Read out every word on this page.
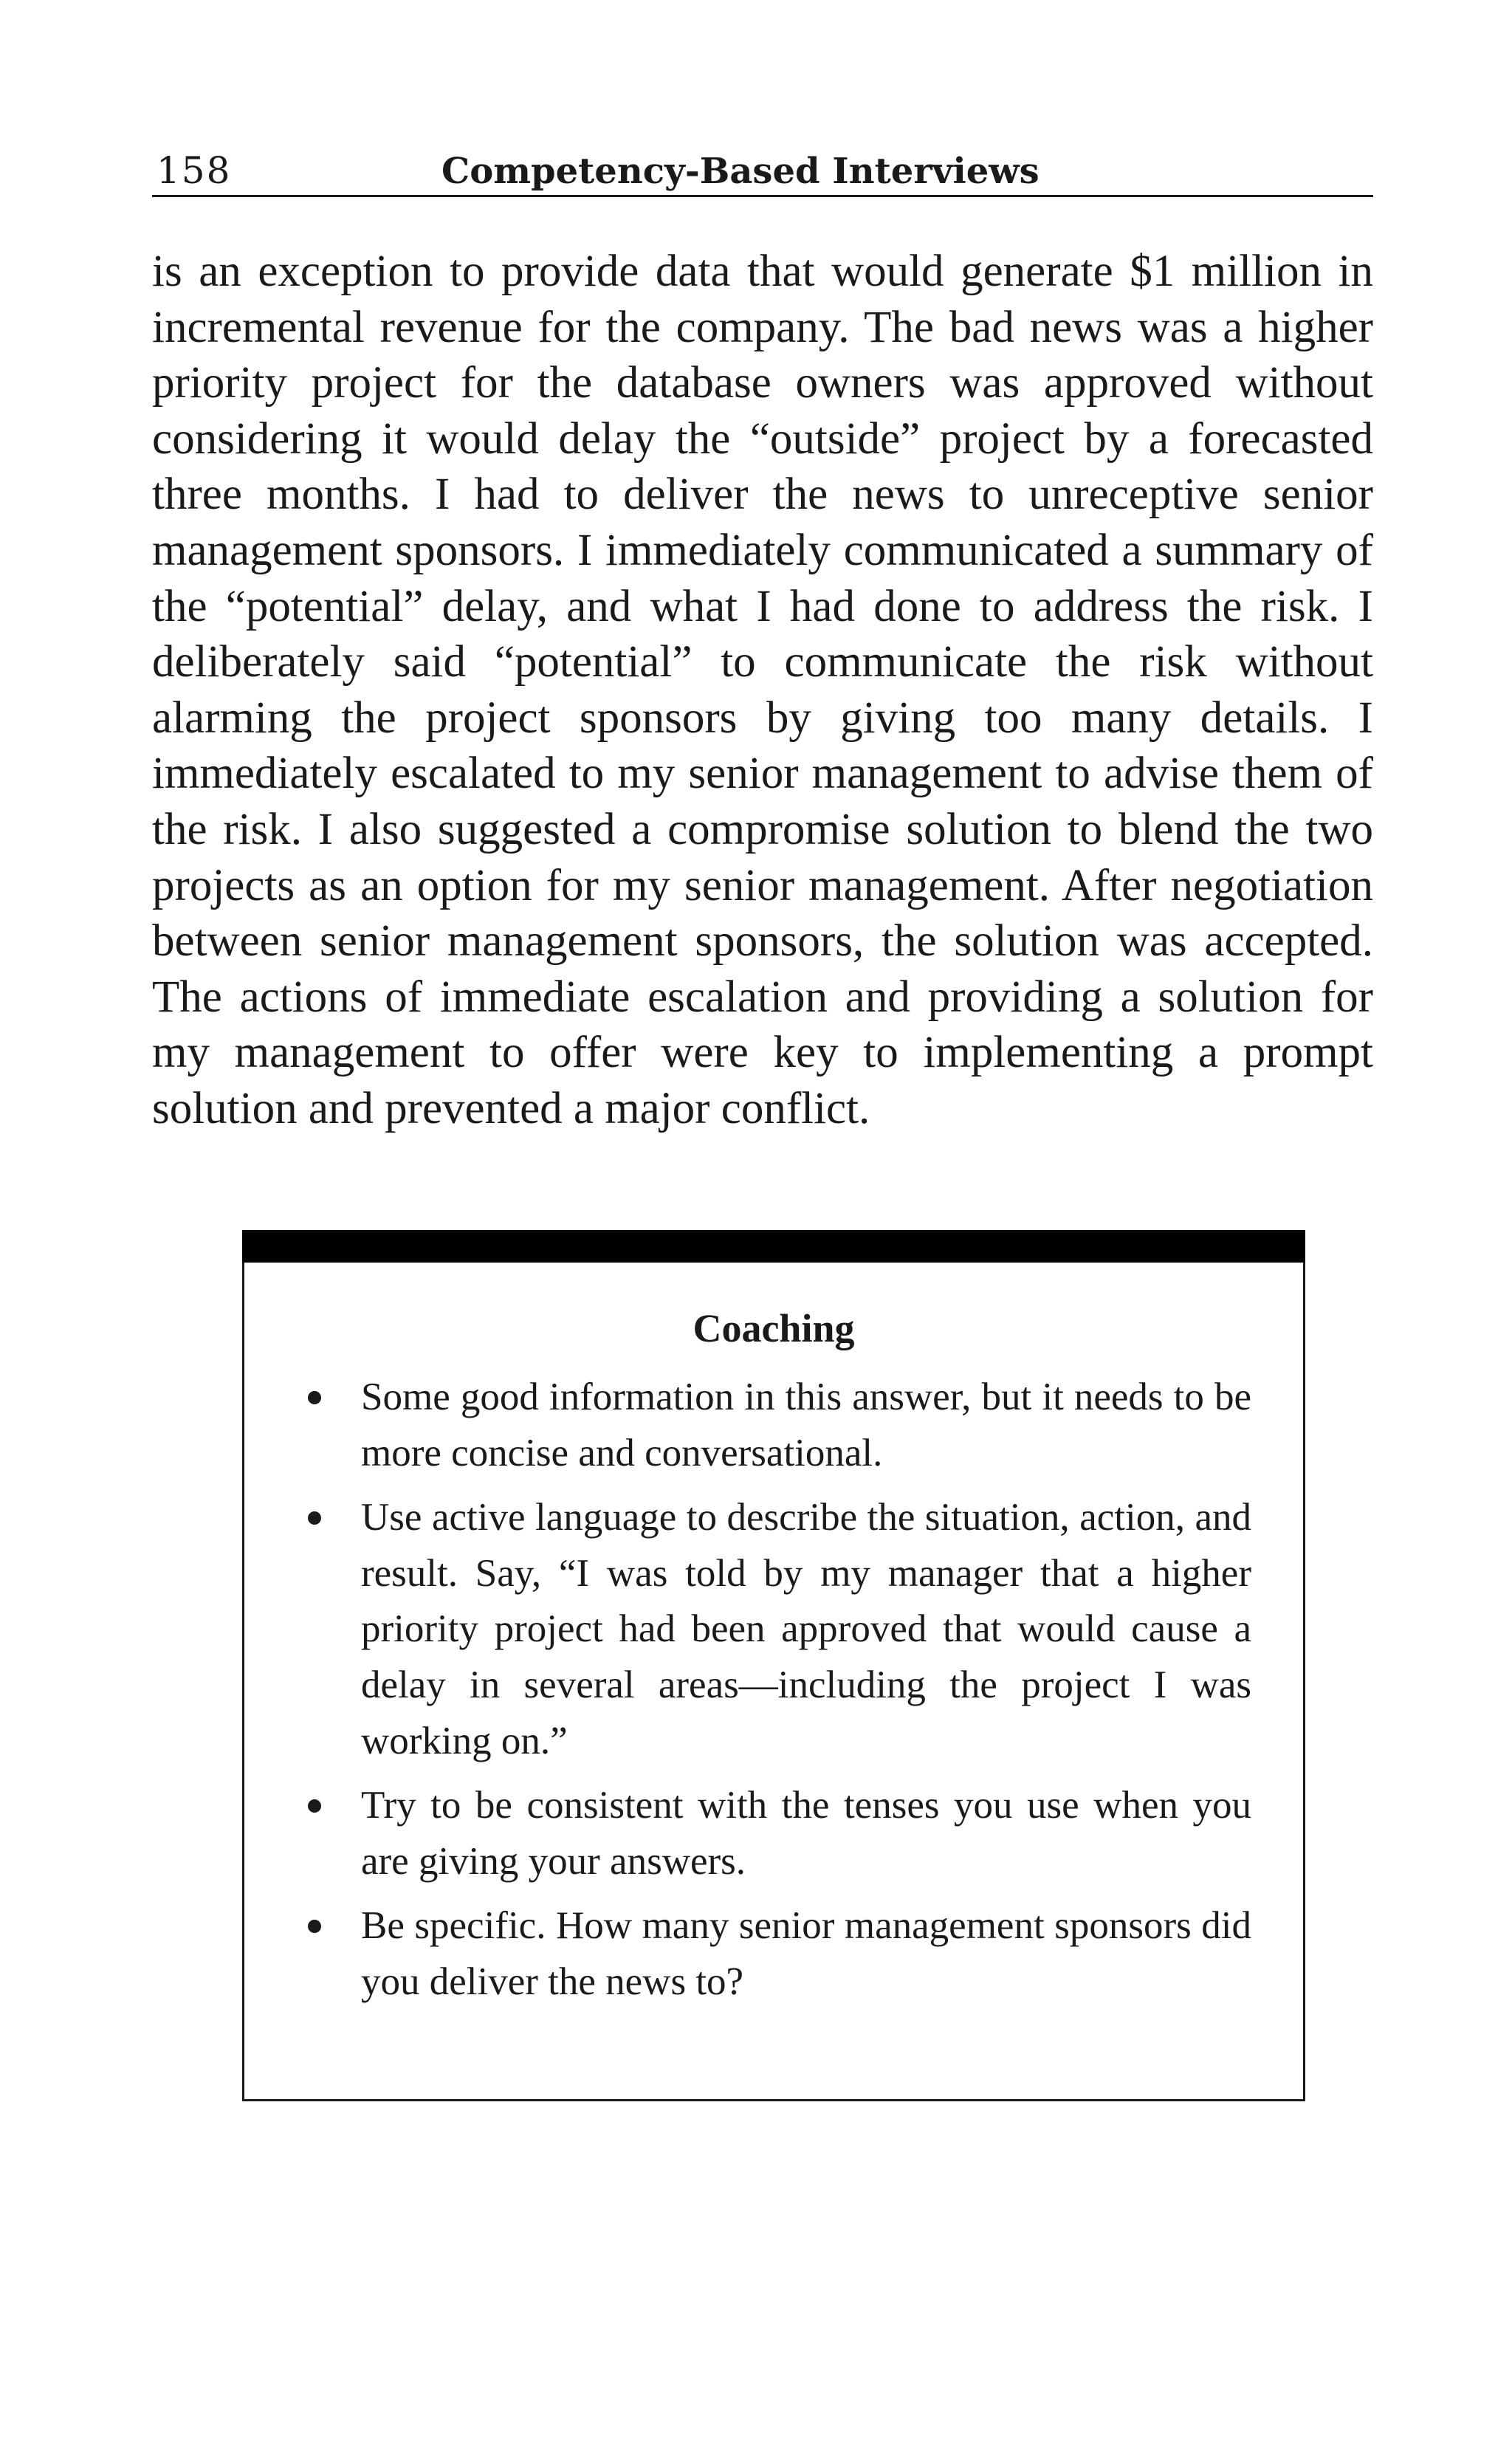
158	Competency-Based Interviews

is an exception to provide data that would generate $1 million in incremental revenue for the company. The bad news was a higher priority project for the database owners was approved without considering it would delay the “outside” project by a forecasted three months. I had to deliver the news to unreceptive senior management sponsors. I immediately communicated a summary of the “potential” delay, and what I had done to address the risk. I deliberately said “potential” to communicate the risk without alarming the project sponsors by giving too many details. I immediately escalated to my senior management to advise them of the risk. I also suggested a compromise solution to blend the two projects as an option for my senior management. After negotiation between senior management sponsors, the solution was accepted. The actions of immediate escalation and providing a solution for my management to offer were key to implementing a prompt solution and prevented a major conflict.

Coaching
Some good information in this answer, but it needs to be more concise and conversational.
Use active language to describe the situation, action, and result. Say, “I was told by my manager that a higher priority project had been approved that would cause a delay in several areas—including the project I was working on.”
Try to be consistent with the tenses you use when you are giving your answers.
Be specific. How many senior management sponsors did you deliver the news to?
